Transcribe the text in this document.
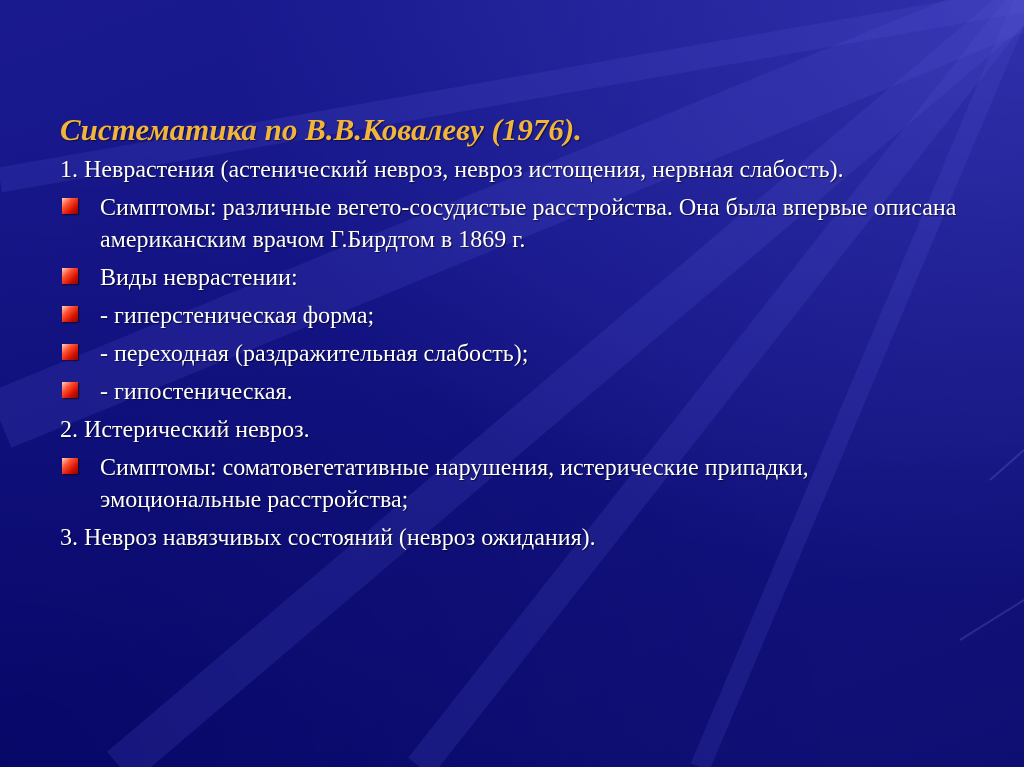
Систематика по В.В.Ковалеву (1976).
1. Неврастения (астенический невроз, невроз истощения, нервная слабость).
Симптомы: различные вегето-сосудистые расстройства. Она была впервые описана американским врачом Г.Бирдтом в 1869 г.
Виды неврастении:
- гиперстеническая форма;
- переходная (раздражительная слабость);
- гипостеническая.
2. Истерический невроз.
Симптомы: соматовегетативные нарушения, истерические припадки, эмоциональные расстройства;
3. Невроз навязчивых состояний (невроз ожидания).
